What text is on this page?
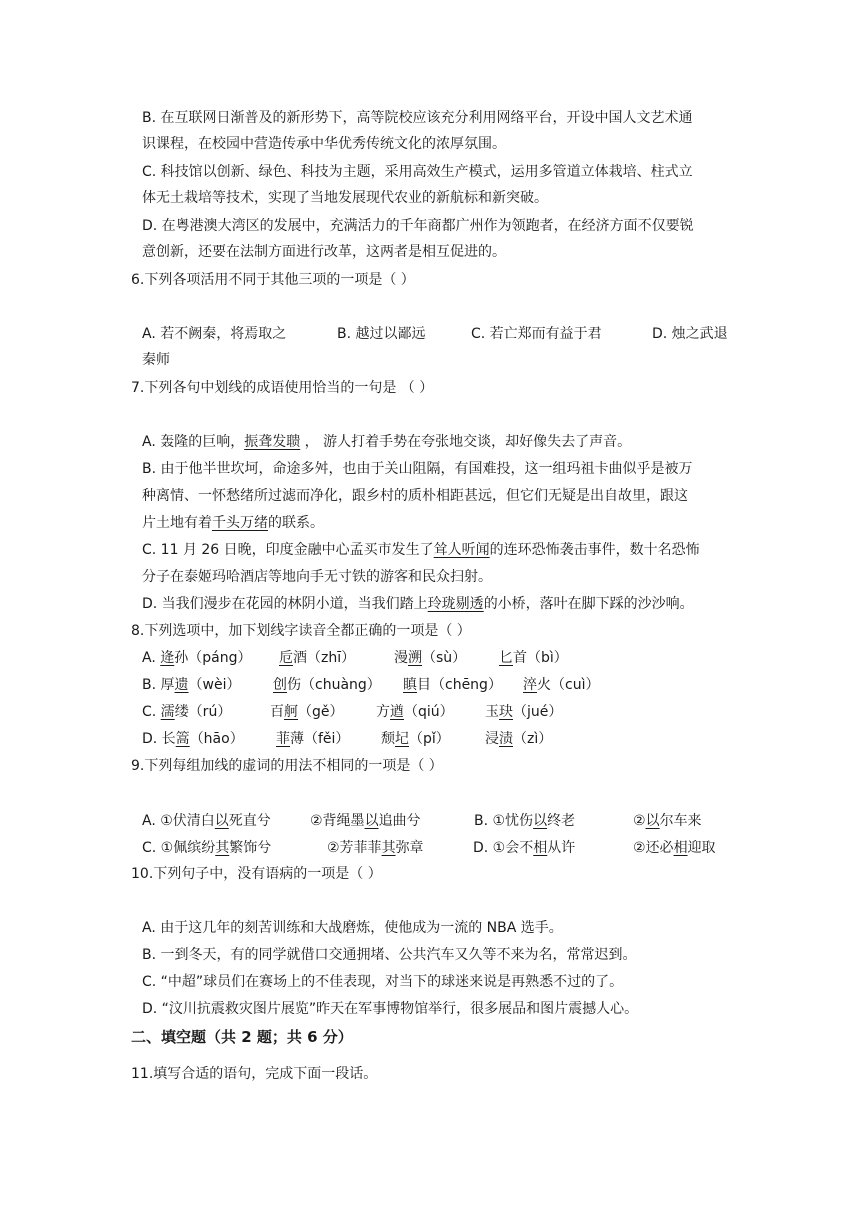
B. 在互联网日渐普及的新形势下，高等院校应该充分利用网络平台，开设中国人文艺术通
识课程，在校园中营造传承中华优秀传统文化的浓厚氛围。
C. 科技馆以创新、绿色、科技为主题，采用高效生产模式，运用多管道立体栽培、柱式立
体无土栽培等技术，实现了当地发展现代农业的新航标和新突破。
D. 在粤港澳大湾区的发展中，充满活力的千年商都广州作为领跑者，在经济方面不仅要锐
意创新，还要在法制方面进行改革，这两者是相互促进的。
6.下列各项活用不同于其他三项的一项是（ ）
A. 若不阙秦，将焉取之	B. 越过以鄙远	C. 若亡郑而有益于君	D. 烛之武退
秦师
7.下列各句中划线的成语使用恰当的一句是 （ ）
A. 轰隆的巨响，振聋发聩 ， 游人打着手势在夸张地交谈，却好像失去了声音。
B. 由于他半世坎坷，命途多舛，也由于关山阻隔，有国难投，这一组玛祖卡曲似乎是被万
种离情、一怀愁绪所过滤而净化，跟乡村的质朴相距甚远，但它们无疑是出自故里，跟这
片土地有着千头万绪的联系。
C. 11 月 26 日晚，印度金融中心孟买市发生了耸人听闻的连环恐怖袭击事件，数十名恐怖
分子在泰姬玛哈酒店等地向手无寸铁的游客和民众扫射。
D. 当我们漫步在花园的林阴小道，当我们踏上玲珑剔透的小桥，落叶在脚下踩的沙沙响。
8.下列选项中，加下划线字读音全都正确的一项是（ ）
A. 逄孙（páng） 卮酒（zhī）	漫溯（sù） 匕首（bì）
B. 厚遗（wèi） 创伤（chuàng） 瞋目（chēng） 淬火（cuì）
C. 濡缕（rú）	百舸（gě） 方遒（qiú） 玉玦（jué）
D. 长篙（hāo） 菲薄（fěi） 颓圮（pǐ）	浸渍（zì）
9.下列每组加线的虚词的用法不相同的一项是（ ）
A. ①伏清白以死直兮	②背绳墨以追曲兮	B. ①忧伤以终老	②以尔车来
C. ①佩缤纷其繁饰兮	②芳菲菲其弥章	D. ①会不相从许	②还必相迎取
10.下列句子中，没有语病的一项是（ ）
A. 由于这几年的刻苦训练和大战磨炼，使他成为一流的 NBA 选手。
B. 一到冬天，有的同学就借口交通拥堵、公共汽车又久等不来为名，常常迟到。
C. “中超”球员们在赛场上的不佳表现，对当下的球迷来说是再熟悉不过的了。
D. “汶川抗震救灾图片展览”昨天在军事博物馆举行，很多展品和图片震撼人心。
二、填空题（共 2 题；共 6 分）
11.填写合适的语句，完成下面一段话。
